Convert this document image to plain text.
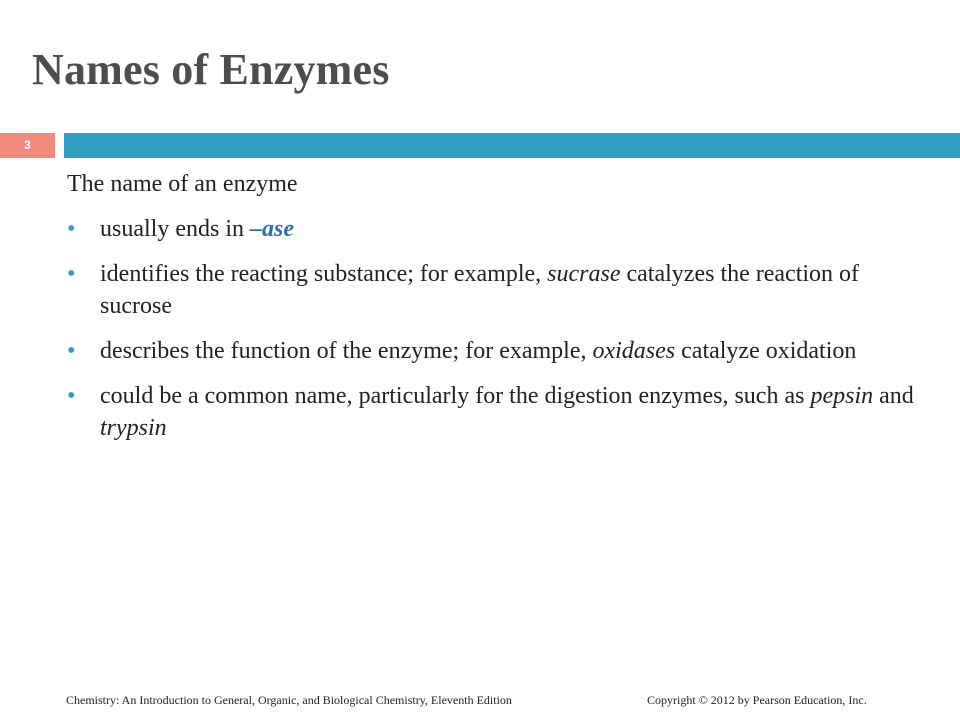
Names of Enzymes
3

The name of an enzyme

• usually ends in –ase
• identifies the reacting substance; for example, sucrase catalyzes the reaction of sucrose
• describes the function of the enzyme; for example, oxidases catalyze oxidation
• could be a common name, particularly for the digestion enzymes, such as pepsin and trypsin
Chemistry: An Introduction to General, Organic, and Biological Chemistry, Eleventh Edition	Copyright © 2012 by Pearson Education, Inc.
